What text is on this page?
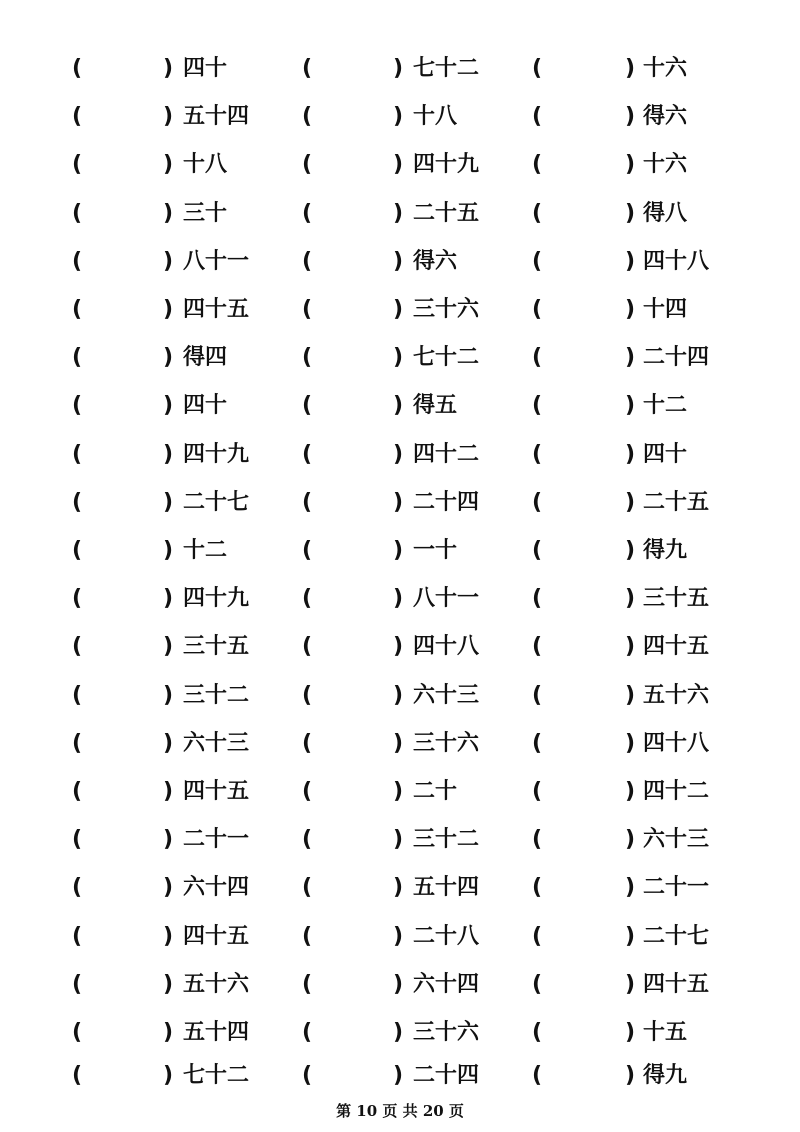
(	) 四十	(	) 七十二 (	) 十六
(	) 五十四 (	) 十八	(	) 得六
(	) 十八	(	) 四十九 (	) 十六
(	) 三十	(	) 二十五 (	) 得八
(	) 八十一 (	) 得六	(	) 四十八
(	) 四十五 (	) 三十六 (	) 十四
(	) 得四	(	) 七十二 (	) 二十四
(	) 四十	(	) 得五	(	) 十二
(	) 四十九 (	) 四十二 (	) 四十
(	) 二十七 (	) 二十四 (	) 二十五
(	) 十二	(	) 一十	(	) 得九
(	) 四十九 (	) 八十一 (	) 三十五
(	) 三十五 (	) 四十八 (	) 四十五
(	) 三十二 (	) 六十三 (	) 五十六
(	) 六十三 (	) 三十六 (	) 四十八
(	) 四十五 (	) 二十	(	) 四十二
(	) 二十一 (	) 三十二 (	) 六十三
(	) 六十四 (	) 五十四 (	) 二十一
(	) 四十五 (	) 二十八 (	) 二十七
(	) 五十六 (	) 六十四 (	) 四十五
(	) 五十四 (	) 三十六 (	) 十五
(	) 七十二 (	) 二十四 (	) 得九
第 10 页 共 20 页
